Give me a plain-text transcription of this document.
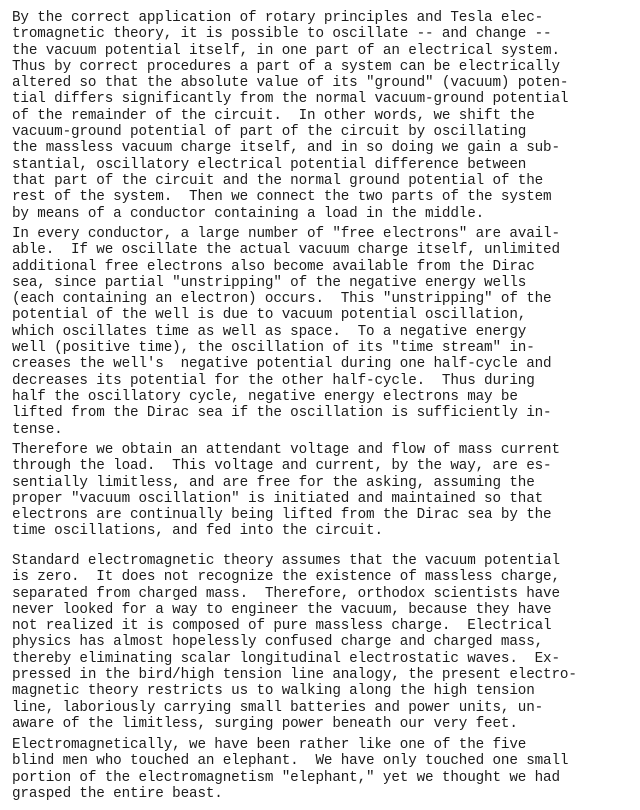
By the correct application of rotary principles and Tesla elec-
tromagnetic theory, it is possible to oscillate -- and change --
the vacuum potential itself, in one part of an electrical system.
Thus by correct procedures a part of a system can be electrically
altered so that the absolute value of its "ground" (vacuum) poten-
tial differs significantly from the normal vacuum-ground potential
of the remainder of the circuit.  In other words, we shift the
vacuum-ground potential of part of the circuit by oscillating
the massless vacuum charge itself, and in so doing we gain a sub-
stantial, oscillatory electrical potential difference between
that part of the circuit and the normal ground potential of the
rest of the system.  Then we connect the two parts of the system
by means of a conductor containing a load in the middle.
In every conductor, a large number of "free electrons" are avail-
able.  If we oscillate the actual vacuum charge itself, unlimited
additional free electrons also become available from the Dirac
sea, since partial "unstripping" of the negative energy wells
(each containing an electron) occurs.  This "unstripping" of the
potential of the well is due to vacuum potential oscillation,
which oscillates time as well as space.  To a negative energy
well (positive time), the oscillation of its "time stream" in-
creases the well's  negative potential during one half-cycle and
decreases its potential for the other half-cycle.  Thus during
half the oscillatory cycle, negative energy electrons may be
lifted from the Dirac sea if the oscillation is sufficiently in-
tense.
Therefore we obtain an attendant voltage and flow of mass current
through the load.  This voltage and current, by the way, are es-
sentially limitless, and are free for the asking, assuming the
proper "vacuum oscillation" is initiated and maintained so that
electrons are continually being lifted from the Dirac sea by the
time oscillations, and fed into the circuit.
Standard electromagnetic theory assumes that the vacuum potential
is zero.  It does not recognize the existence of massless charge,
separated from charged mass.  Therefore, orthodox scientists have
never looked for a way to engineer the vacuum, because they have
not realized it is composed of pure massless charge.  Electrical
physics has almost hopelessly confused charge and charged mass,
thereby eliminating scalar longitudinal electrostatic waves.  Ex-
pressed in the bird/high tension line analogy, the present electro-
magnetic theory restricts us to walking along the high tension
line, laboriously carrying small batteries and power units, un-
aware of the limitless, surging power beneath our very feet.
Electromagnetically, we have been rather like one of the five
blind men who touched an elephant.  We have only touched one small
portion of the electromagnetism "elephant," yet we thought we had
grasped the entire beast.
